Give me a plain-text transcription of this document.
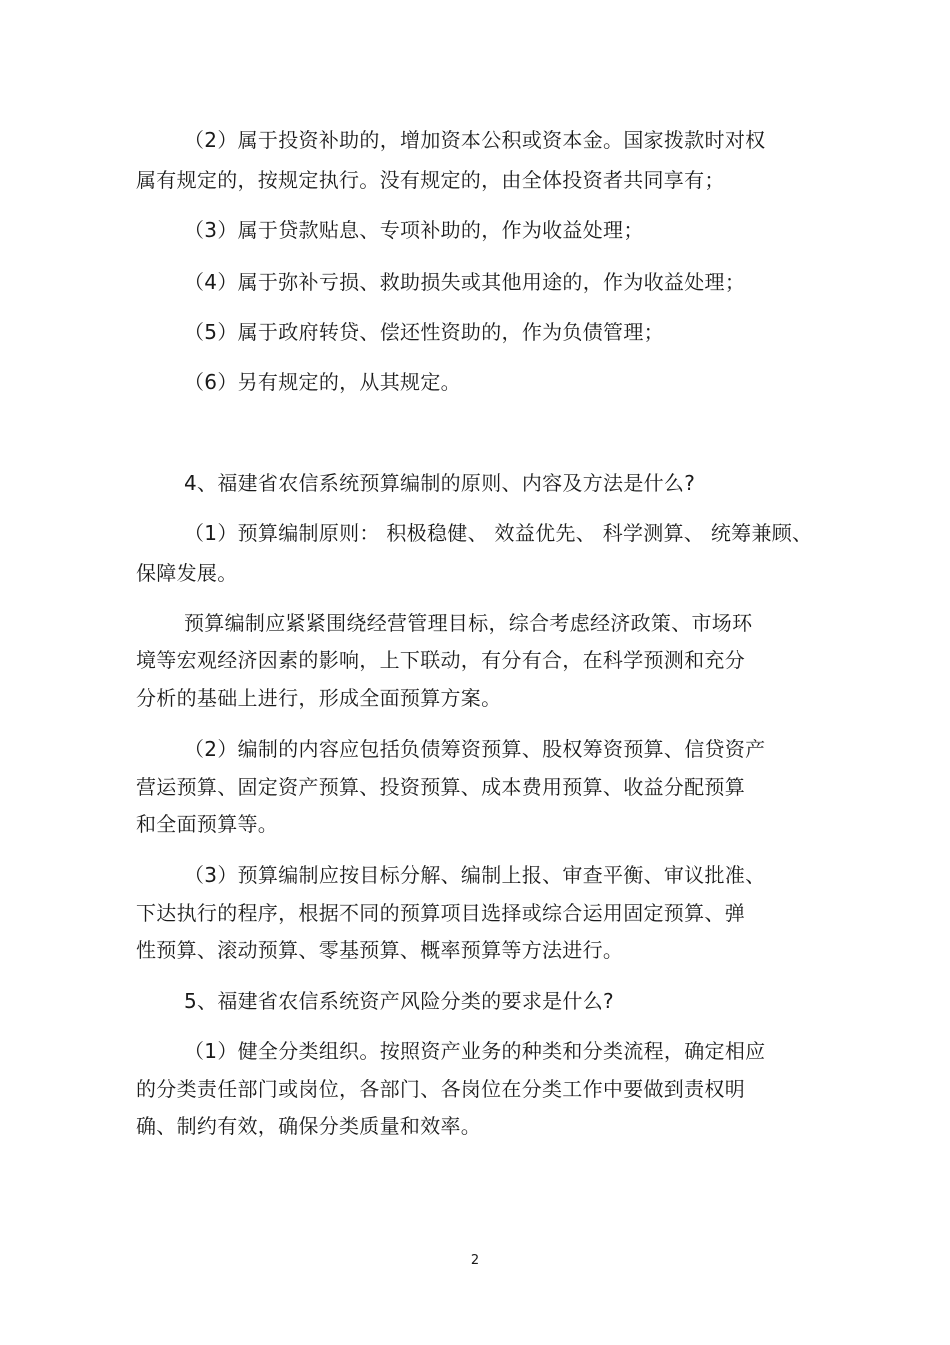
（2）属于投资补助的，增加资本公积或资本金。国家拨款时对权
属有规定的，按规定执行。没有规定的，由全体投资者共同享有；
（3）属于贷款贴息、专项补助的，作为收益处理；
（4）属于弥补亏损、救助损失或其他用途的，作为收益处理；
（5）属于政府转贷、偿还性资助的，作为负债管理；
（6）另有规定的，从其规定。
4、福建省农信系统预算编制的原则、内容及方法是什么?
（1）预算编制原则： 积极稳健、 效益优先、 科学测算、 统筹兼顾、
保障发展。
预算编制应紧紧围绕经营管理目标，综合考虑经济政策、市场环
境等宏观经济因素的影响，上下联动，有分有合，在科学预测和充分
分析的基础上进行，形成全面预算方案。
（2）编制的内容应包括负债筹资预算、股权筹资预算、信贷资产
营运预算、固定资产预算、投资预算、成本费用预算、收益分配预算
和全面预算等。
（3）预算编制应按目标分解、编制上报、审查平衡、审议批准、
下达执行的程序，根据不同的预算项目选择或综合运用固定预算、弹
性预算、滚动预算、零基预算、概率预算等方法进行。
5、福建省农信系统资产风险分类的要求是什么?
（1）健全分类组织。按照资产业务的种类和分类流程，确定相应
的分类责任部门或岗位，各部门、各岗位在分类工作中要做到责权明
确、制约有效，确保分类质量和效率。
2
